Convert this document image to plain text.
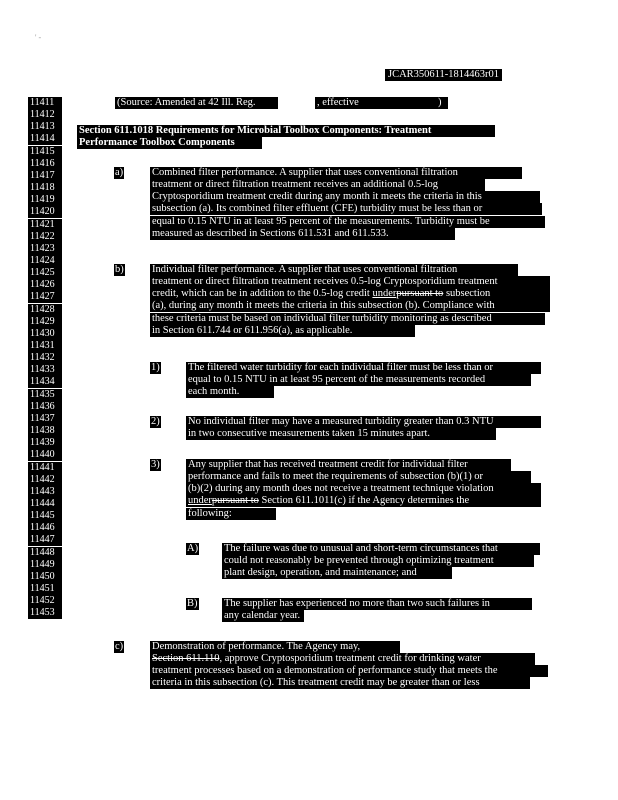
' -
JCAR350611-1814463r01
11411
11412
11413
11414
11415
11416
11417
11418
11419
11420
11421
11422
11423
11424
11425
11426
11427
11428
11429
11430
11431
11432
11433
11434
11435
11436
11437
11438
11439
11440
11441
11442
11443
11444
11445
11446
11447
11448
11449
11450
11451
11452
11453
(Source: Amended at 42 Ill. Reg.	, effective	)
Section 611.1018 Requirements for Microbial Toolbox Components: Treatment
Performance Toolbox Components
a)	Combined filter performance. A supplier that uses conventional filtration
treatment or direct filtration treatment receives an additional 0.5-log
Cryptosporidium treatment credit during any month it meets the criteria in this
subsection (a). Its combined filter effluent (CFE) turbidity must be less than or
equal to 0.15 NTU in at least 95 percent of the measurements. Turbidity must be
measured as described in Sections 611.531 and 611.533.
b)	Individual filter performance. A supplier that uses conventional filtration
treatment or direct filtration treatment receives 0.5-log Cryptosporidium treatment
credit, which can be in addition to the 0.5-log credit underpursuant to subsection
(a), during any month it meets the criteria in this subsection (b). Compliance with
these criteria must be based on individual filter turbidity monitoring as described
in Section 611.744 or 611.956(a), as applicable.
1)	The filtered water turbidity for each individual filter must be less than or
equal to 0.15 NTU in at least 95 percent of the measurements recorded
each month.
2)	No individual filter may have a measured turbidity greater than 0.3 NTU
in two consecutive measurements taken 15 minutes apart.
3)	Any supplier that has received treatment credit for individual filter
performance and fails to meet the requirements of subsection (b)(1) or
(b)(2) during any month does not receive a treatment technique violation
underpursuant to Section 611.1011(c) if the Agency determines the
following:
A) The failure was due to unusual and short-term circumstances that
could not reasonably be prevented through optimizing treatment
plant design, operation, and maintenance; and
B)	The supplier has experienced no more than two such failures in
any calendar year.
c)	Demonstration of performance. The Agency may,
Section 611.110, approve Cryptosporidium treatment credit for drinking water
treatment processes based on a demonstration of performance study that meets the
criteria in this subsection (c). This treatment credit may be greater than or less
